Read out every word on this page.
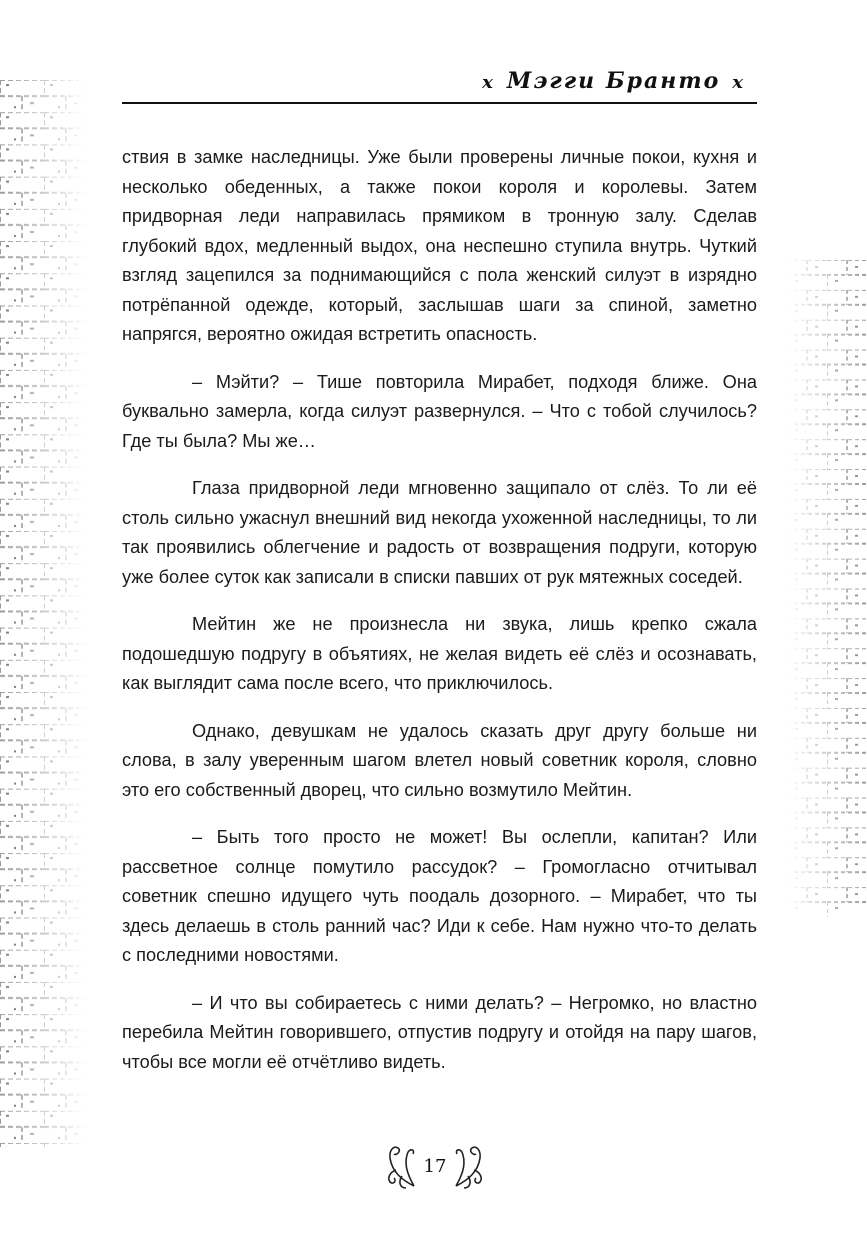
x Мэгги Бранто x

ствия в замке наследницы. Уже были проверены личные покои, кухня и несколько обеденных, а также покои короля и королевы. Затем придворная леди направилась прямиком в тронную залу. Сделав глубокий вдох, медленный выдох, она неспешно ступила внутрь. Чуткий взгляд зацепился за поднимающийся с пола женский силуэт в изрядно потрёпанной одежде, который, заслышав шаги за спиной, заметно напрягся, вероятно ожидая встретить опасность.

– Мэйти? – Тише повторила Мирабет, подходя ближе. Она буквально замерла, когда силуэт развернулся. – Что с тобой случилось? Где ты была? Мы же…

Глаза придворной леди мгновенно защипало от слёз. То ли её столь сильно ужаснул внешний вид некогда ухоженной наследницы, то ли так проявились облегчение и радость от возвращения подруги, которую уже более суток как записали в списки павших от рук мятежных соседей.

Мейтин же не произнесла ни звука, лишь крепко сжала подошедшую подругу в объятиях, не желая видеть её слёз и осознавать, как выглядит сама после всего, что приключилось.

Однако, девушкам не удалось сказать друг другу больше ни слова, в залу уверенным шагом влетел новый советник короля, словно это его собственный дворец, что сильно возмутило Мейтин.

– Быть того просто не может! Вы ослепли, капитан? Или рассветное солнце помутило рассудок? – Громогласно отчитывал советник спешно идущего чуть поодаль дозорного. – Мирабет, что ты здесь делаешь в столь ранний час? Иди к себе. Нам нужно что-то делать с последними новостями.

– И что вы собираетесь с ними делать? – Негромко, но властно перебила Мейтин говорившего, отпустив подругу и отойдя на пару шагов, чтобы все могли её отчётливо видеть.

17
